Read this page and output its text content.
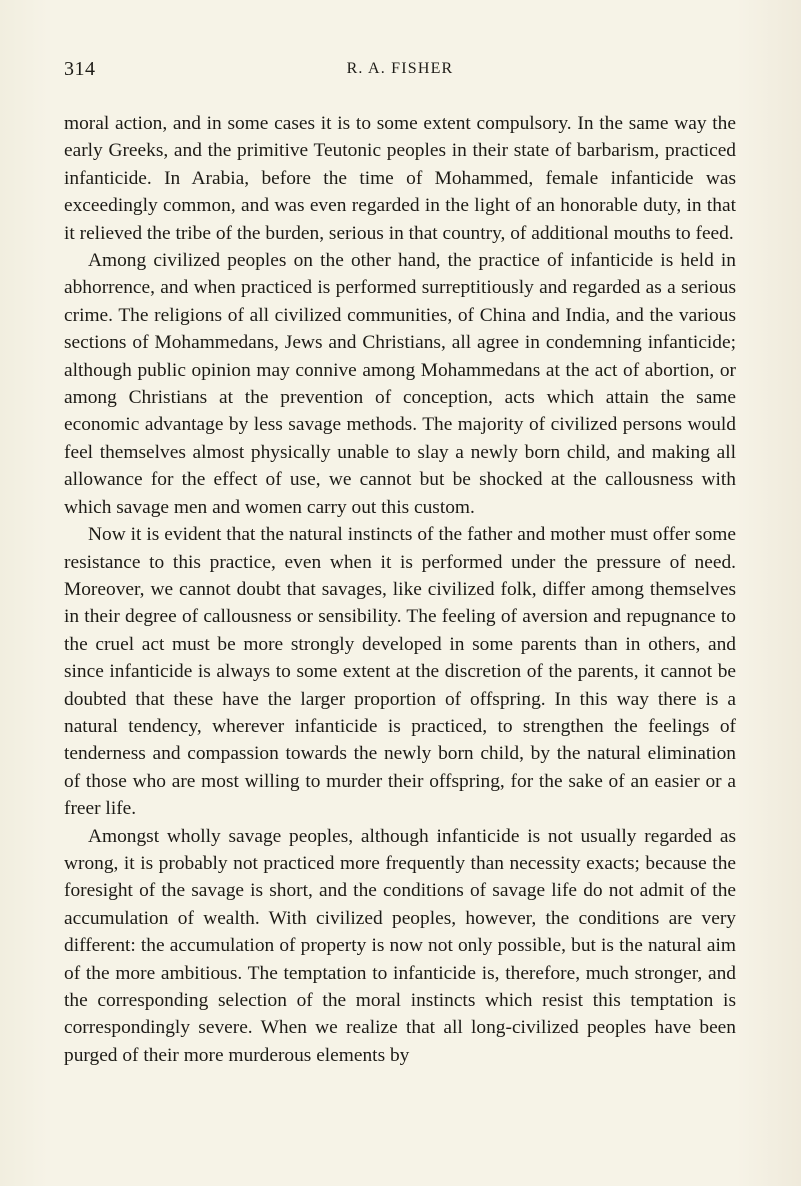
314	R. A. FISHER

moral action, and in some cases it is to some extent compulsory. In the same way the early Greeks, and the primitive Teutonic peoples in their state of barbarism, practiced infanticide. In Arabia, before the time of Mohammed, female infanticide was exceedingly common, and was even regarded in the light of an honorable duty, in that it relieved the tribe of the burden, serious in that country, of additional mouths to feed.

Among civilized peoples on the other hand, the practice of infanticide is held in abhorrence, and when practiced is performed surreptitiously and regarded as a serious crime. The religions of all civilized communities, of China and India, and the various sections of Mohammedans, Jews and Christians, all agree in condemning infanticide; although public opinion may connive among Mohammedans at the act of abortion, or among Christians at the prevention of conception, acts which attain the same economic advantage by less savage methods. The majority of civilized persons would feel themselves almost physically unable to slay a newly born child, and making all allowance for the effect of use, we cannot but be shocked at the callousness with which savage men and women carry out this custom.

Now it is evident that the natural instincts of the father and mother must offer some resistance to this practice, even when it is performed under the pressure of need. Moreover, we cannot doubt that savages, like civilized folk, differ among themselves in their degree of callousness or sensibility. The feeling of aversion and repugnance to the cruel act must be more strongly developed in some parents than in others, and since infanticide is always to some extent at the discretion of the parents, it cannot be doubted that these have the larger proportion of offspring. In this way there is a natural tendency, wherever infanticide is practiced, to strengthen the feelings of tenderness and compassion towards the newly born child, by the natural elimination of those who are most willing to murder their offspring, for the sake of an easier or a freer life.

Amongst wholly savage peoples, although infanticide is not usually regarded as wrong, it is probably not practiced more frequently than necessity exacts; because the foresight of the savage is short, and the conditions of savage life do not admit of the accumulation of wealth. With civilized peoples, however, the conditions are very different: the accumulation of property is now not only possible, but is the natural aim of the more ambitious. The temptation to infanticide is, therefore, much stronger, and the corresponding selection of the moral instincts which resist this temptation is correspondingly severe. When we realize that all long-civilized peoples have been purged of their more murderous elements by
